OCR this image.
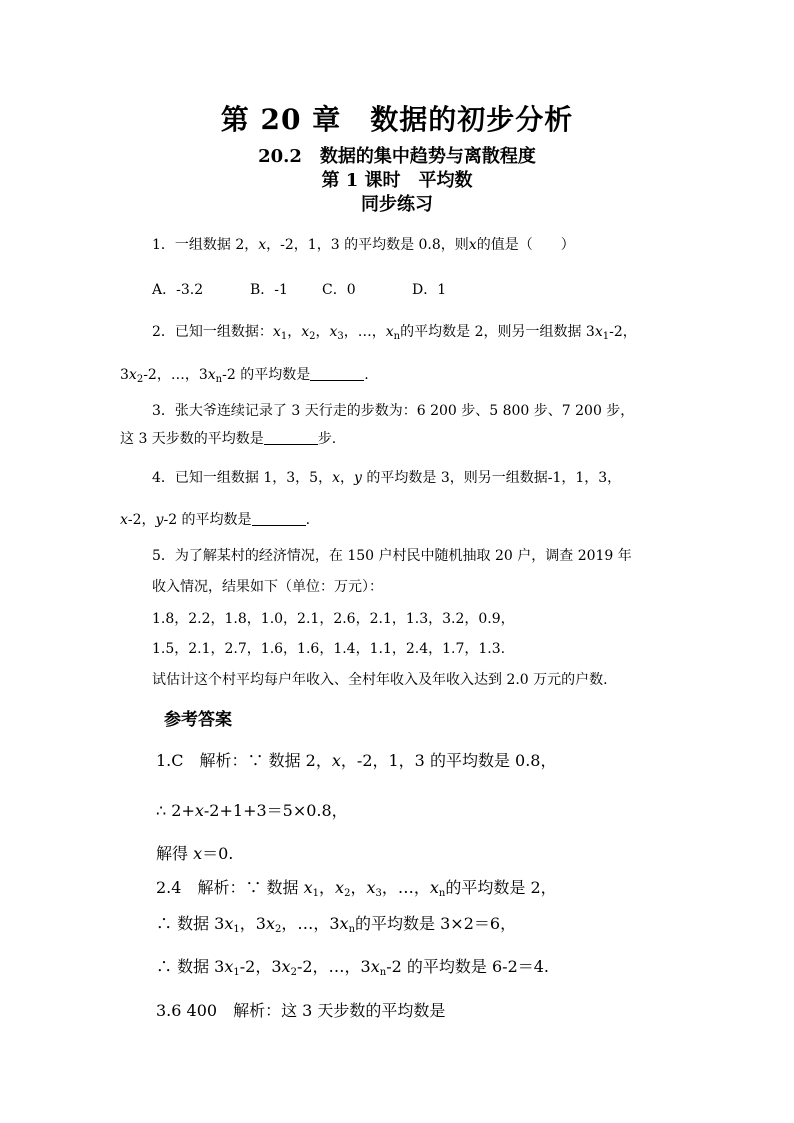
第 20 章　数据的初步分析
20.2　数据的集中趋势与离散程度
第 1 课时　平均数
同步练习
1．一组数据 2，x，-2，1，3 的平均数是 0.8，则x的值是（ ）
A．-3.2	B．-1 C．0	D．1
2．已知一组数据：$x_1$，$x_2$，$x_3$，…，$x_n$的平均数是 2，则另一组数据 $3x_1-2$，
$3x_2-2$，…，$3x_n-2$ 的平均数是	.
3．张大爷连续记录了 3 天行走的步数为：6 200 步、5 800 步、7 200 步，
这 3 天步数的平均数是	步.
4．已知一组数据 1，3，5，x，y 的平均数是 3，则另一组数据-1，1，3，
x-2，y-2 的平均数是	.
5．为了解某村的经济情况，在 150 户村民中随机抽取 20 户，调查 2019 年
收入情况，结果如下（单位：万元）：
1.8，2.2，1.8，1.0，2.1，2.6，2.1，1.3，3.2，0.9，
1.5，2.1，2.7，1.6，1.6，1.4，1.1，2.4，1.7，1.3.
试估计这个村平均每户年收入、全村年收入及年收入达到 2.0 万元的户数.
参考答案
1.C　解析：∵ 数据 2，x，-2，1，3 的平均数是 0.8，
∴ 2+x-2+1+3＝5×0.8，
解得 x＝0.
2.4　解析：∵ 数据 $x_1$，$x_2$，$x_3$，…，$x_n$的平均数是 2，
∴ 数据 $3x_1$，$3x_2$，…，$3x_n$的平均数是 3×2＝6，
∴ 数据 $3x_1-2$，$3x_2-2$，…，$3x_n-2$ 的平均数是 6-2＝4.
3.6 400　解析：这 3 天步数的平均数是
